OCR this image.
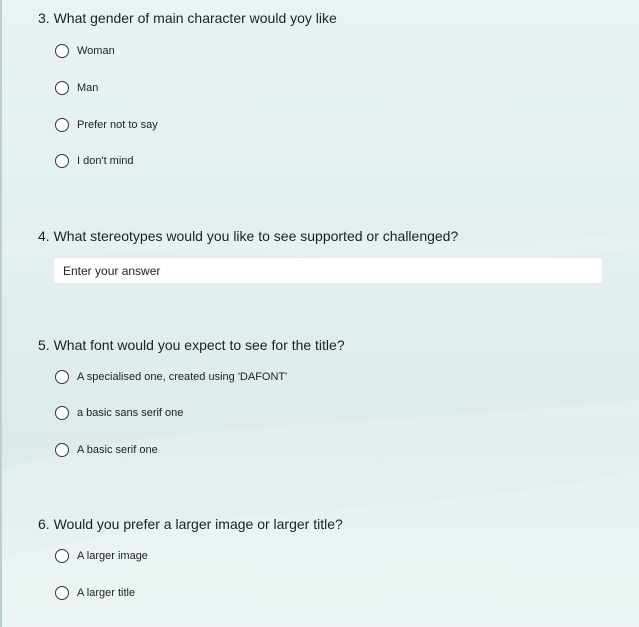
3. What gender of main character would yoy like
Woman
Man
Prefer not to say
I don't mind
4. What stereotypes would you like to see supported or challenged?
Enter your answer
5. What font would you expect to see for the title?
A specialised one, created using 'DAFONT'
a basic sans serif one
A basic serif one
6. Would you prefer a larger image or larger title?
A larger image
A larger title
